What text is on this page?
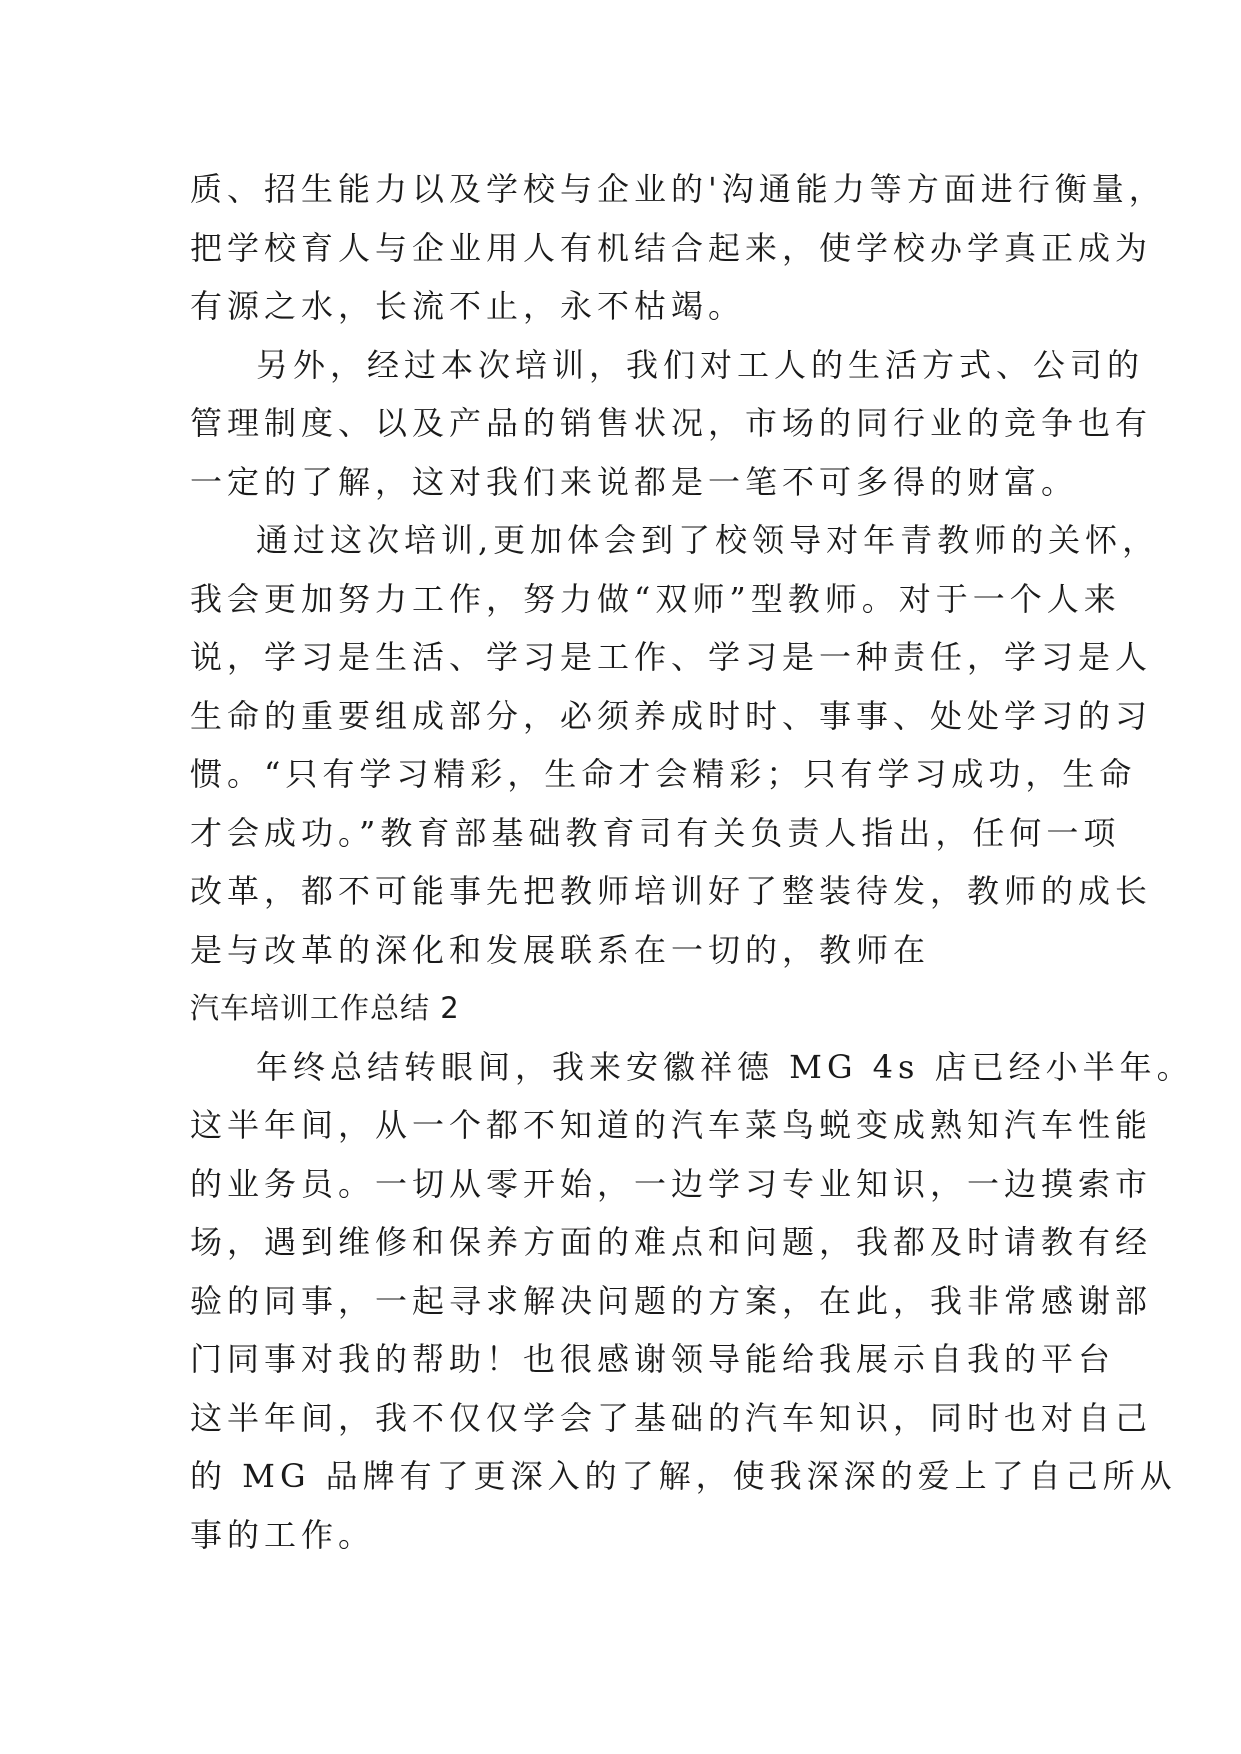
质、招生能力以及学校与企业的'沟通能力等方面进行衡量，
把学校育人与企业用人有机结合起来，使学校办学真正成为
有源之水，长流不止，永不枯竭。
另外，经过本次培训，我们对工人的生活方式、公司的
管理制度、以及产品的销售状况，市场的同行业的竞争也有
一定的了解，这对我们来说都是一笔不可多得的财富。
通过这次培训,更加体会到了校领导对年青教师的关怀，
我会更加努力工作，努力做“双师”型教师。对于一个人来
说，学习是生活、学习是工作、学习是一种责任，学习是人
生命的重要组成部分，必须养成时时、事事、处处学习的习
惯。“只有学习精彩，生命才会精彩；只有学习成功，生命
才会成功。”教育部基础教育司有关负责人指出，任何一项
改革，都不可能事先把教师培训好了整装待发，教师的成长
是与改革的深化和发展联系在一切的，教师在
汽车培训工作总结 2
年终总结转眼间，我来安徽祥德 MG 4s 店已经小半年。
这半年间，从一个都不知道的汽车菜鸟蜕变成熟知汽车性能
的业务员。一切从零开始，一边学习专业知识，一边摸索市
场，遇到维修和保养方面的难点和问题，我都及时请教有经
验的同事，一起寻求解决问题的方案，在此，我非常感谢部
门同事对我的帮助！也很感谢领导能给我展示自我的平台
这半年间，我不仅仅学会了基础的汽车知识，同时也对自己
的 MG 品牌有了更深入的了解，使我深深的爱上了自己所从
事的工作。
